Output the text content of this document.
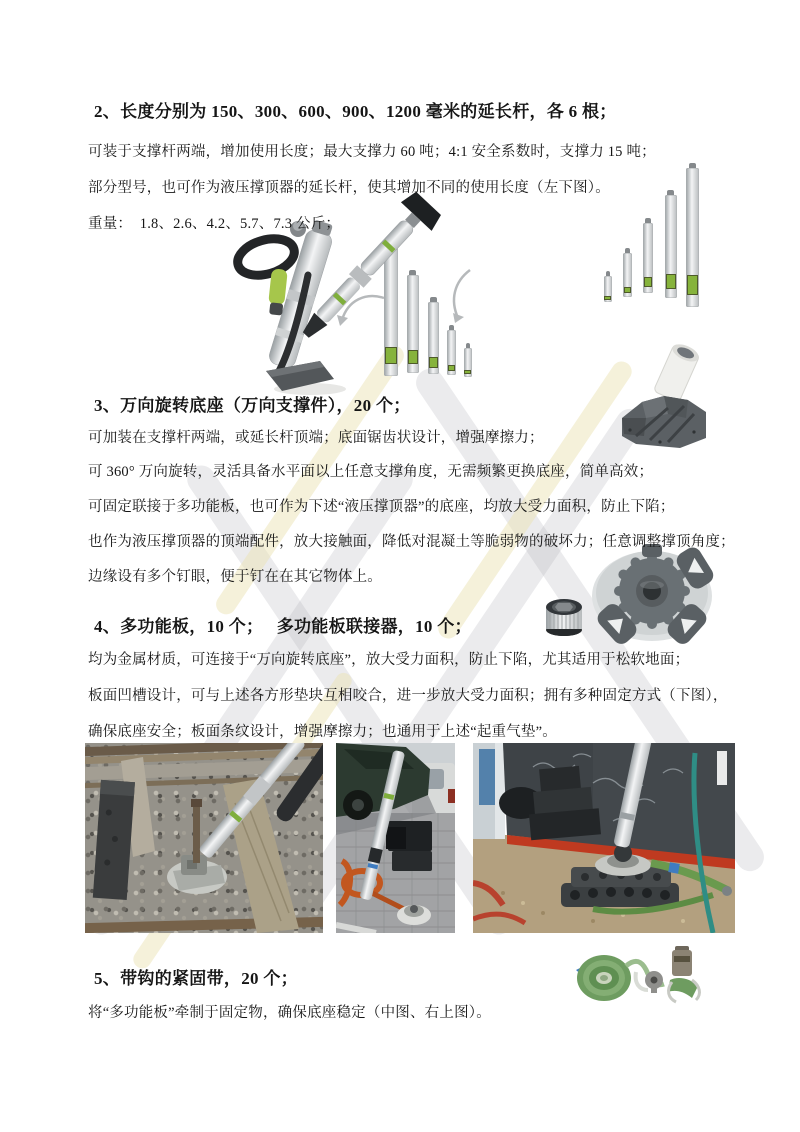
2、长度分别为 150、300、600、900、1200 毫米的延长杆，各 6 根；
可装于支撑杆两端，增加使用长度；最大支撑力 60 吨；4:1 安全系数时，支撑力 15 吨；
部分型号，也可作为液压撑顶器的延长杆，使其增加不同的使用长度（左下图）。
重量：  1.8、2.6、4.2、5.7、7.3 公斤；
3、万向旋转底座（万向支撑件），20 个；
可加装在支撑杆两端，或延长杆顶端；底面锯齿状设计，增强摩擦力；
可 360° 万向旋转，灵活具备水平面以上任意支撑角度，无需频繁更换底座，简单高效；
可固定联接于多功能板，也可作为下述“液压撑顶器”的底座，均放大受力面积，防止下陷；
也作为液压撑顶器的顶端配件，放大接触面，降低对混凝土等脆弱物的破坏力；任意调整撑顶角度；
边缘设有多个钉眼，便于钉在在其它物体上。
4、多功能板，10 个；　 多功能板联接器，10 个；
均为金属材质，可连接于“万向旋转底座”，放大受力面积，防止下陷，尤其适用于松软地面；
板面凹槽设计，可与上述各方形垫块互相咬合，进一步放大受力面积；拥有多种固定方式（下图），
确保底座安全；板面条纹设计，增强摩擦力；也通用于上述“起重气垫”。
5、带钩的紧固带，20 个；
将“多功能板”牵制于固定物，确保底座稳定（中图、右上图）。
